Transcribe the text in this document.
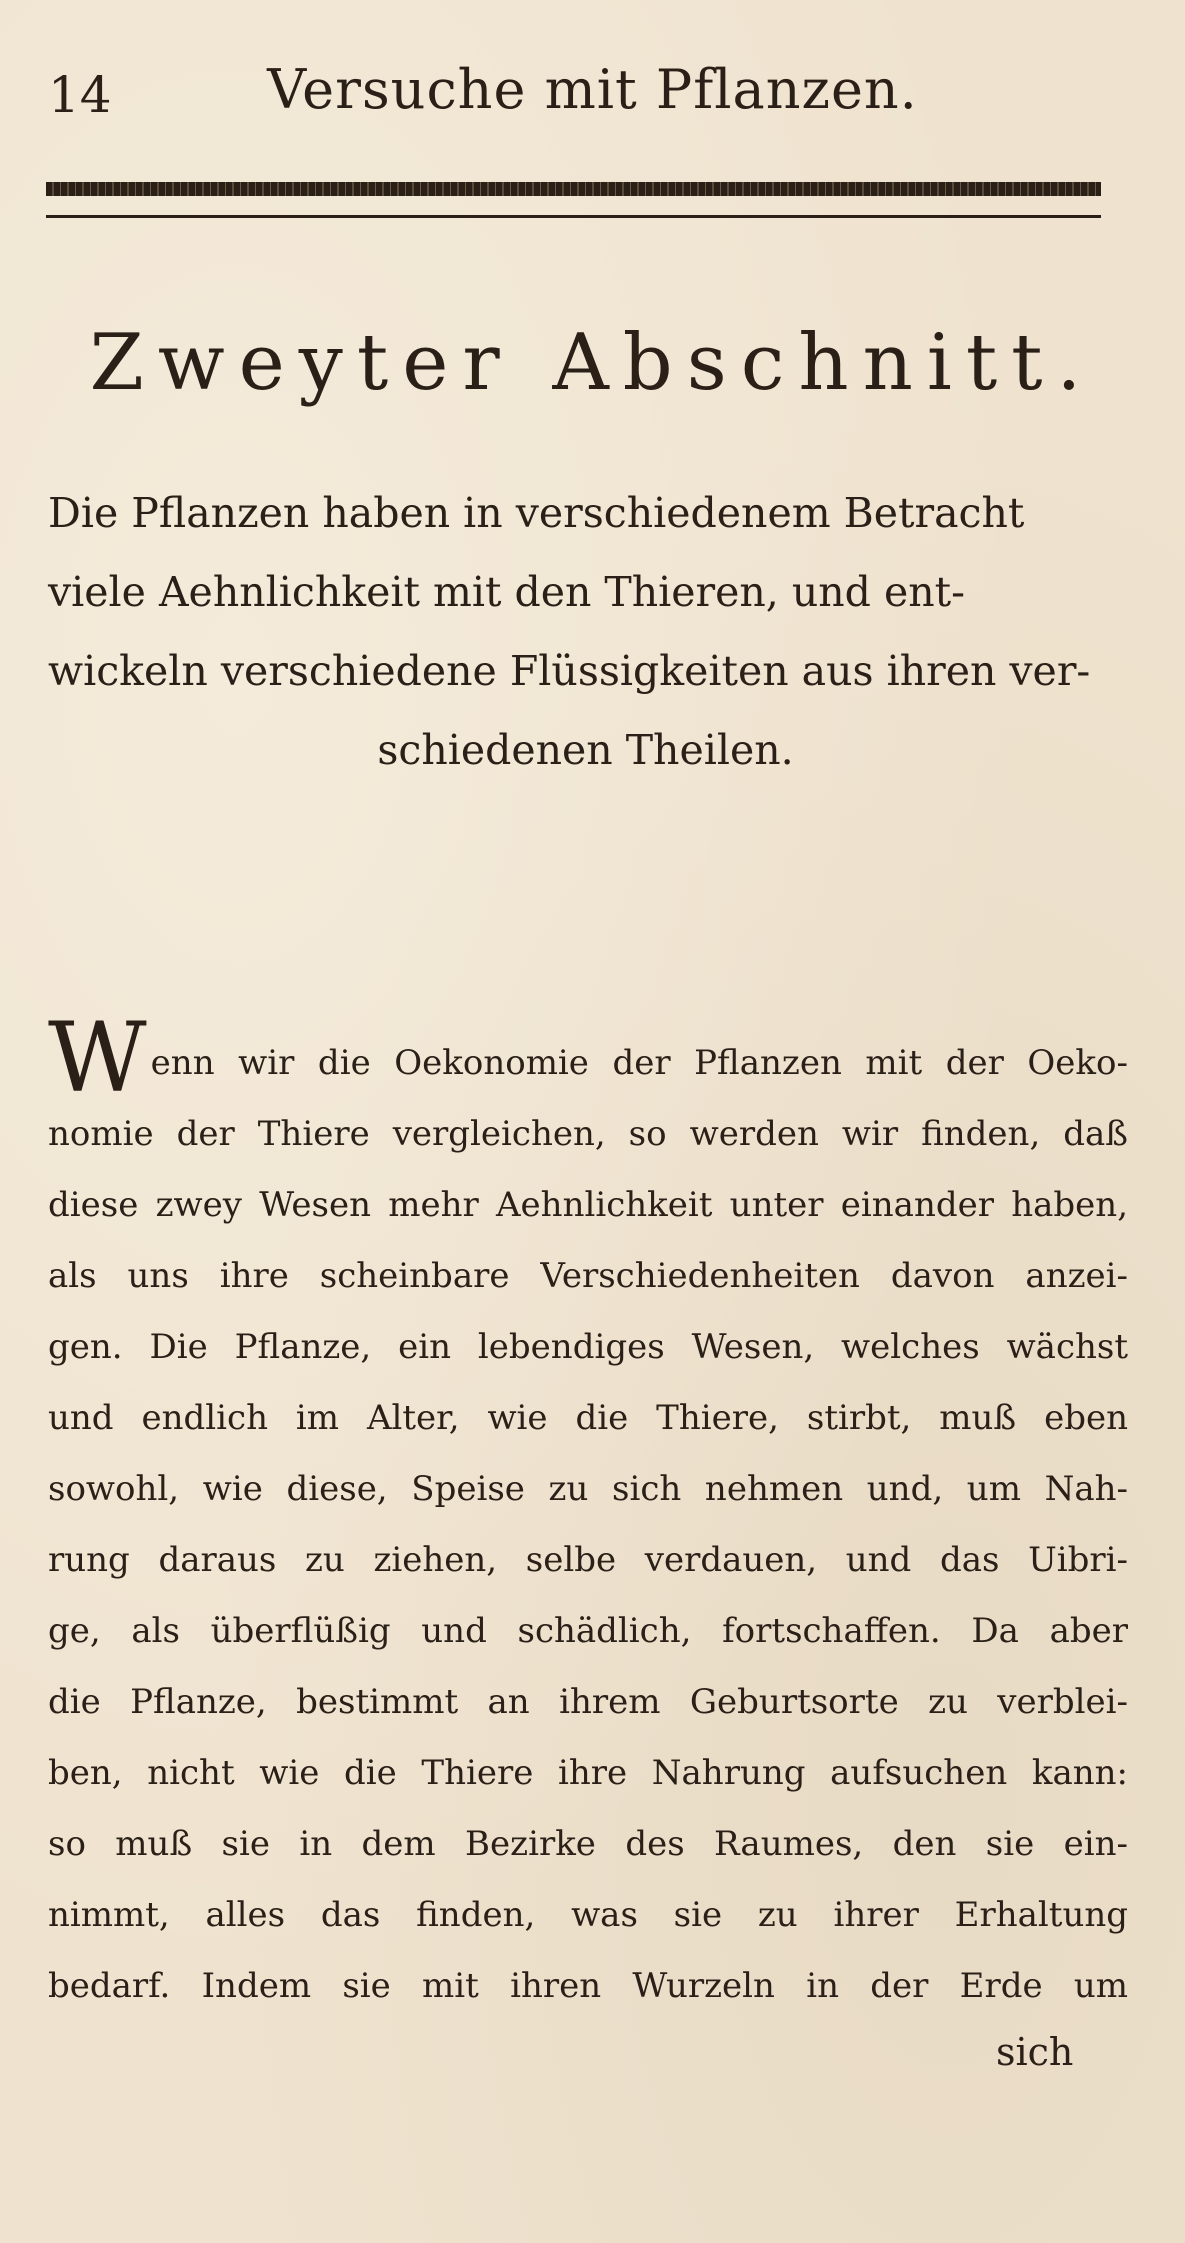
14	Versuche mit Pflanzen.
Zweyter Abschnitt.
Die Pflanzen haben in verschiedenem Betracht
viele Aehnlichkeit mit den Thieren, und ent-
wickeln verschiedene Flüssigkeiten aus ihren ver-
schiedenen Theilen.
W enn wir die Oekonomie der Pflanzen mit der Oeko-
nomie der Thiere vergleichen, so werden wir finden, daß
diese zwey Wesen mehr Aehnlichkeit unter einander haben,
als uns ihre scheinbare Verschiedenheiten davon anzei-
gen. Die Pflanze, ein lebendiges Wesen, welches wächst
und endlich im Alter, wie die Thiere, stirbt, muß eben
sowohl, wie diese, Speise zu sich nehmen und, um Nah-
rung daraus zu ziehen, selbe verdauen, und das Uibri-
ge, als überflüßig und schädlich, fortschaffen. Da aber
die Pflanze, bestimmt an ihrem Geburtsorte zu verblei-
ben, nicht wie die Thiere ihre Nahrung aufsuchen kann:
so muß sie in dem Bezirke des Raumes, den sie ein-
nimmt, alles das finden, was sie zu ihrer Erhaltung
bedarf. Indem sie mit ihren Wurzeln in der Erde um
sich
